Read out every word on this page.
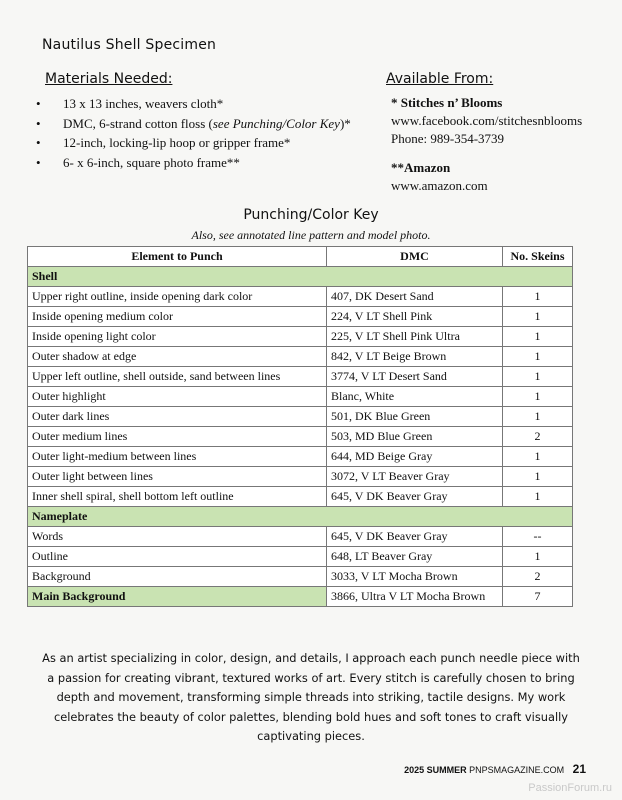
Nautilus Shell Specimen
Materials Needed:
• 13 x 13 inches, weavers cloth*
• DMC, 6-strand cotton floss (see Punching/Color Key)*
• 12-inch, locking-lip hoop or gripper frame*
• 6- x 6-inch, square photo frame**
Available From:
* Stitches n’ Blooms
www.facebook.com/stitchesnblooms
Phone: 989-354-3739
**Amazon
www.amazon.com
Punching/Color Key
Also, see annotated line pattern and model photo.
Element to Punch	DMC	No. Skeins
Shell		
Upper right outline, inside opening dark color	407, DK Desert Sand	1
Inside opening medium color	224, V LT Shell Pink	1
Inside opening light color	225, V LT Shell Pink Ultra	1
Outer shadow at edge	842, V LT Beige Brown	1
Upper left outline, shell outside, sand between lines	3774, V LT Desert Sand	1
Outer highlight	Blanc, White	1
Outer dark lines	501, DK Blue Green	1
Outer medium lines	503, MD Blue Green	2
Outer light-medium between lines	644, MD Beige Gray	1
Outer light between lines	3072, V LT Beaver Gray	1
Inner shell spiral, shell bottom left outline	645, V DK Beaver Gray	1
Nameplate		
Words	645, V DK Beaver Gray	--
Outline	648, LT Beaver Gray	1
Background	3033, V LT Mocha Brown	2
Main Background	3866, Ultra V LT Mocha Brown	7
As an artist specializing in color, design, and details, I approach each punch needle piece with a passion for creating vibrant, textured works of art. Every stitch is carefully chosen to bring depth and movement, transforming simple threads into striking, tactile designs. My work celebrates the beauty of color palettes, blending bold hues and soft tones to craft visually captivating pieces.
2025 SUMMER PNPSMAGAZINE.COM 21
PassionForum.ru
